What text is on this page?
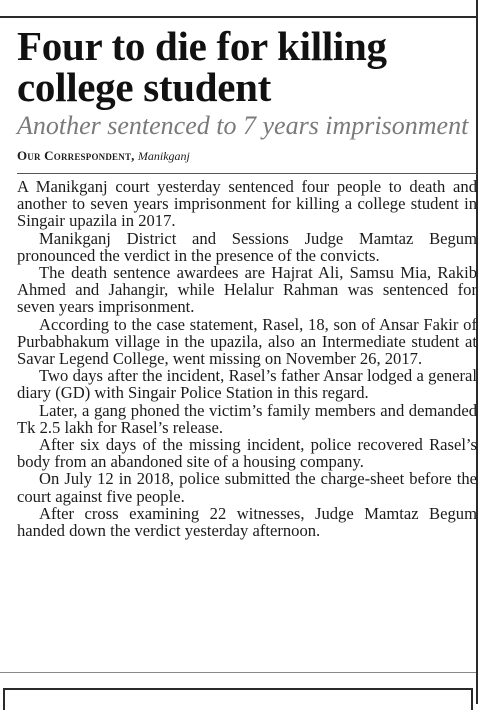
Four to die for killing college student
Another sentenced to 7 years imprisonment
Our Correspondent, Manikganj

A Manikganj court yesterday sentenced four people to death and another to seven years imprisonment for killing a college student in Singair upazila in 2017.

Manikganj District and Sessions Judge Mamtaz Begum pronounced the verdict in the presence of the convicts.

The death sentence awardees are Hajrat Ali, Samsu Mia, Rakib Ahmed and Jahangir, while Helalur Rahman was sentenced for seven years imprisonment.

According to the case statement, Rasel, 18, son of Ansar Fakir of Purbabhakum village in the upazila, also an Intermediate student at Savar Legend College, went missing on November 26, 2017.

Two days after the incident, Rasel’s father Ansar lodged a general diary (GD) with Singair Police Station in this regard.

Later, a gang phoned the victim’s family members and demanded Tk 2.5 lakh for Rasel’s release.

After six days of the missing incident, police recovered Rasel’s body from an abandoned site of a housing company.

On July 12 in 2018, police submitted the charge-sheet before the court against five people.

After cross examining 22 witnesses, Judge Mamtaz Begum handed down the verdict yesterday afternoon.
